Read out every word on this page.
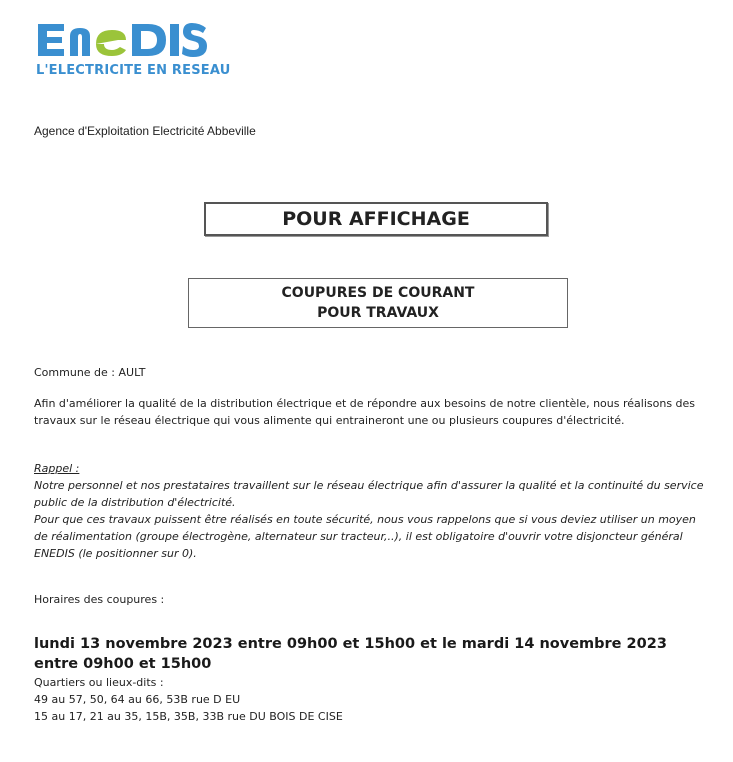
L'ELECTRICITE EN RESEAU
Agence d'Exploitation Electricité Abbeville
POUR AFFICHAGE
COUPURES DE COURANT
POUR TRAVAUX
Commune de : AULT
Afin d'améliorer la qualité de la distribution électrique et de répondre aux besoins de notre clientèle, nous réalisons des travaux sur le réseau électrique qui vous alimente qui entraineront une ou plusieurs coupures d'électricité.
Rappel :
Notre personnel et nos prestataires travaillent sur le réseau électrique afin d'assurer la qualité et la continuité du service public de la distribution d'électricité.
Pour que ces travaux puissent être réalisés en toute sécurité, nous vous rappelons que si vous deviez utiliser un moyen de réalimentation (groupe électrogène, alternateur sur tracteur,..), il est obligatoire d'ouvrir votre disjoncteur général ENEDIS (le positionner sur 0).
Horaires des coupures :
lundi 13 novembre 2023 entre 09h00 et 15h00 et le mardi 14 novembre 2023 entre 09h00 et 15h00
Quartiers ou lieux-dits :
49 au 57, 50, 64 au 66, 53B rue D EU
15 au 17, 21 au 35, 15B, 35B, 33B rue DU BOIS DE CISE
